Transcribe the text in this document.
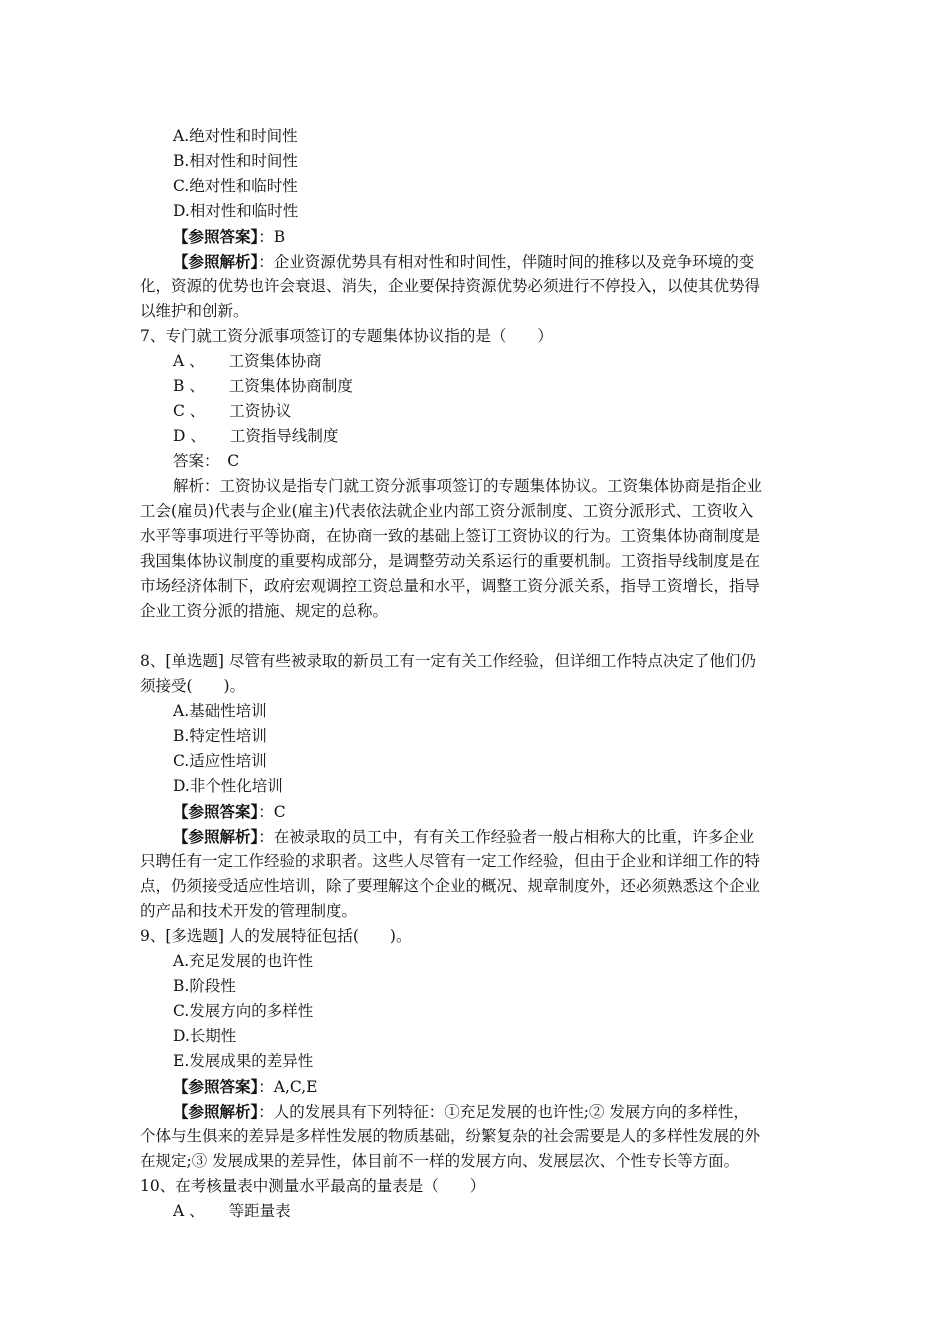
A.绝对性和时间性
B.相对性和时间性
C.绝对性和临时性
D.相对性和临时性
【参照答案】：B
【参照解析】：企业资源优势具有相对性和时间性，伴随时间的推移以及竞争环境的变
化，资源的优势也许会衰退、消失，企业要保持资源优势必须进行不停投入，以使其优势得
以维护和创新。
7、专门就工资分派事项签订的专题集体协议指的是（　　）
A 、 工资集体协商
B 、 工资集体协商制度
C 、 工资协议
D 、 工资指导线制度
答案：　C
解析：工资协议是指专门就工资分派事项签订的专题集体协议。工资集体协商是指企业
工会(雇员)代表与企业(雇主)代表依法就企业内部工资分派制度、工资分派形式、工资收入
水平等事项进行平等协商，在协商一致的基础上签订工资协议的行为。工资集体协商制度是
我国集体协议制度的重要构成部分，是调整劳动关系运行的重要机制。工资指导线制度是在
市场经济体制下，政府宏观调控工资总量和水平，调整工资分派关系，指导工资增长，指导
企业工资分派的措施、规定的总称。
8、[单选题] 尽管有些被录取的新员工有一定有关工作经验，但详细工作特点决定了他们仍
须接受(　　)。
A.基础性培训
B.特定性培训
C.适应性培训
D.非个性化培训
【参照答案】：C
【参照解析】：在被录取的员工中，有有关工作经验者一般占相称大的比重，许多企业
只聘任有一定工作经验的求职者。这些人尽管有一定工作经验，但由于企业和详细工作的特
点，仍须接受适应性培训，除了要理解这个企业的概况、规章制度外，还必须熟悉这个企业
的产品和技术开发的管理制度。
9、[多选题] 人的发展特征包括(　　)。
A.充足发展的也许性
B.阶段性
C.发展方向的多样性
D.长期性
E.发展成果的差异性
【参照答案】：A,C,E
【参照解析】：人的发展具有下列特征：①充足发展的也许性;② 发展方向的多样性，
个体与生俱来的差异是多样性发展的物质基础，纷繁复杂的社会需要是人的多样性发展的外
在规定;③ 发展成果的差异性，体目前不一样的发展方向、发展层次、个性专长等方面。
10、在考核量表中测量水平最高的量表是（　　）
A 、 等距量表
